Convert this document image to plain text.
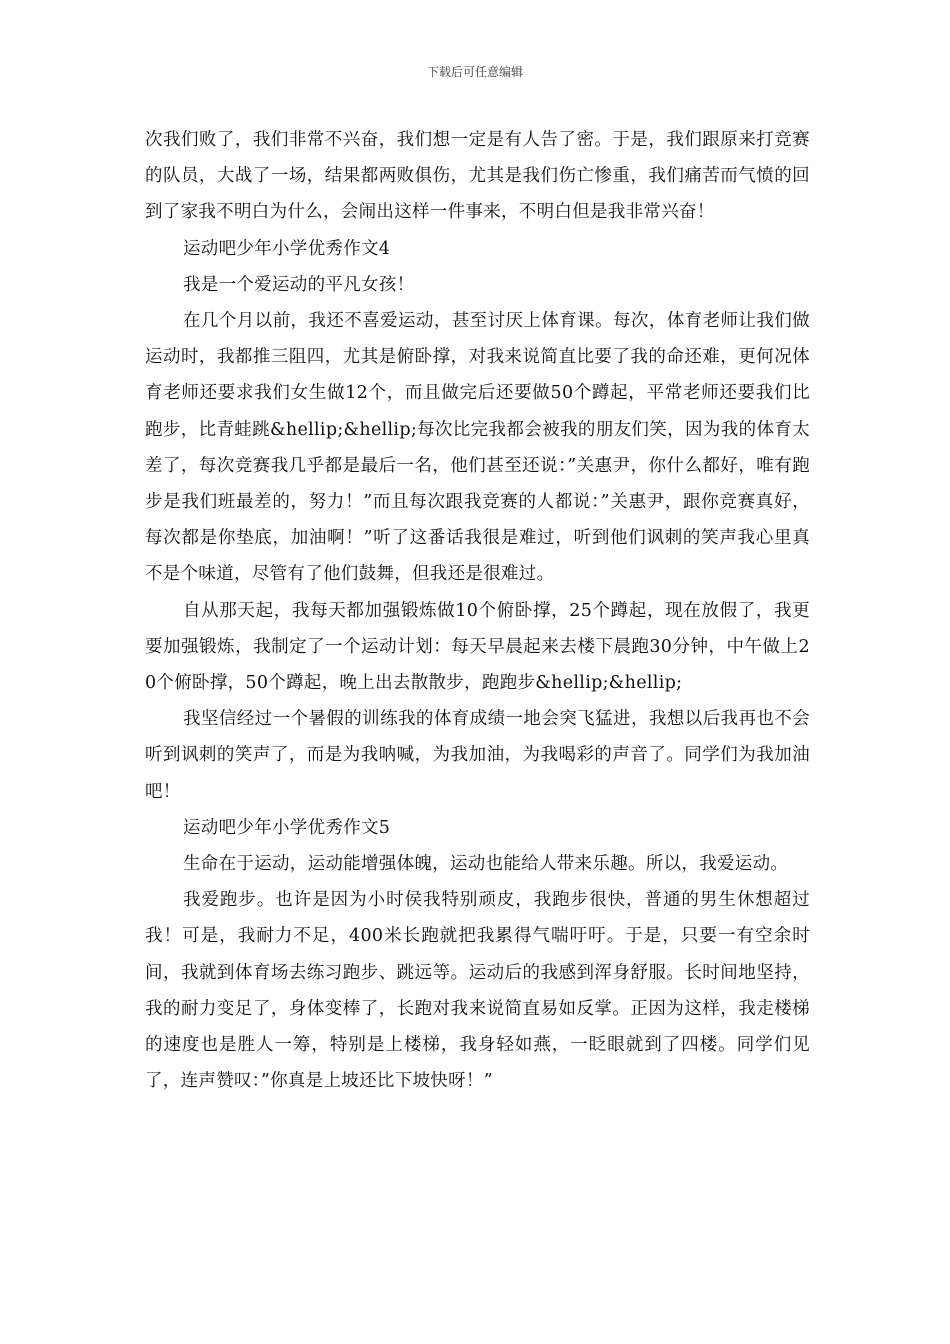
下载后可任意编辑

次我们败了，我们非常不兴奋，我们想一定是有人告了密。于是，我们跟原来打竞赛的队员，大战了一场，结果都两败俱伤，尤其是我们伤亡惨重，我们痛苦而气愤的回到了家我不明白为什么，会闹出这样一件事来，不明白但是我非常兴奋！

运动吧少年小学优秀作文4

我是一个爱运动的平凡女孩！

在几个月以前，我还不喜爱运动，甚至讨厌上体育课。每次，体育老师让我们做运动时，我都推三阻四，尤其是俯卧撑，对我来说简直比要了我的命还难，更何况体育老师还要求我们女生做12个，而且做完后还要做50个蹲起，平常老师还要我们比跑步，比青蛙跳&hellip;&hellip;每次比完我都会被我的朋友们笑，因为我的体育太差了，每次竞赛我几乎都是最后一名，他们甚至还说：”关惠尹，你什么都好，唯有跑步是我们班最差的，努力！”而且每次跟我竞赛的人都说：”关惠尹，跟你竞赛真好，每次都是你垫底，加油啊！”听了这番话我很是难过，听到他们讽刺的笑声我心里真不是个味道，尽管有了他们鼓舞，但我还是很难过。

自从那天起，我每天都加强锻炼做10个俯卧撑，25个蹲起，现在放假了，我更要加强锻炼，我制定了一个运动计划：每天早晨起来去楼下晨跑30分钟，中午做上20个俯卧撑，50个蹲起，晚上出去散散步，跑跑步&hellip;&hellip;

我坚信经过一个暑假的训练我的体育成绩一地会突飞猛进，我想以后我再也不会听到讽刺的笑声了，而是为我呐喊，为我加油，为我喝彩的声音了。同学们为我加油吧！

运动吧少年小学优秀作文5

生命在于运动，运动能增强体魄，运动也能给人带来乐趣。所以，我爱运动。

我爱跑步。也许是因为小时侯我特别顽皮，我跑步很快，普通的男生休想超过我！可是，我耐力不足，400米长跑就把我累得气喘吁吁。于是，只要一有空余时间，我就到体育场去练习跑步、跳远等。运动后的我感到浑身舒服。长时间地坚持，我的耐力变足了，身体变棒了，长跑对我来说简直易如反掌。正因为这样，我走楼梯的速度也是胜人一筹，特别是上楼梯，我身轻如燕，一眨眼就到了四楼。同学们见了，连声赞叹：”你真是上坡还比下坡快呀！”
